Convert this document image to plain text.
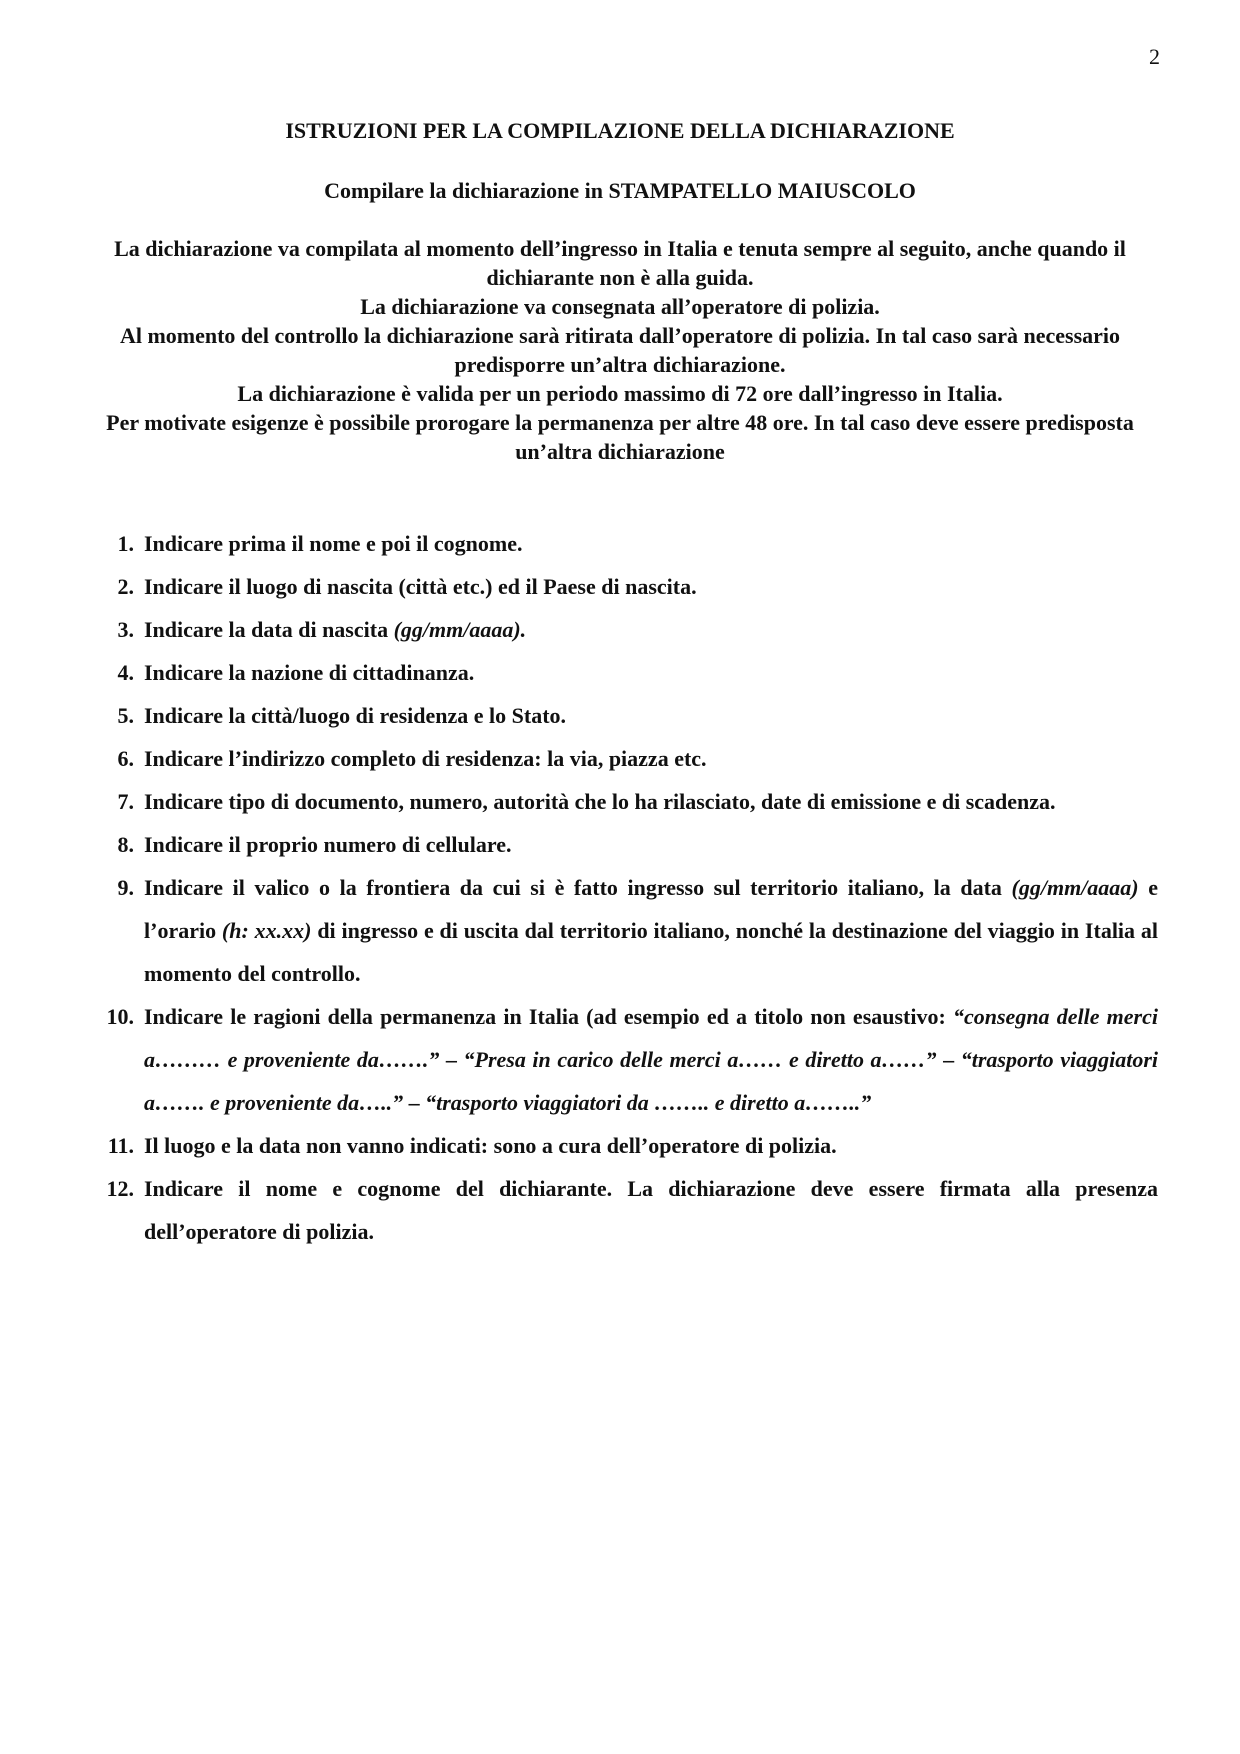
2
ISTRUZIONI PER LA COMPILAZIONE DELLA DICHIARAZIONE
Compilare la dichiarazione in STAMPATELLO MAIUSCOLO

La dichiarazione va compilata al momento dell’ingresso in Italia e tenuta sempre al seguito, anche quando il dichiarante non è alla guida.

La dichiarazione va consegnata all’operatore di polizia.

Al momento del controllo la dichiarazione sarà ritirata dall’operatore di polizia. In tal caso sarà necessario predisporre un’altra dichiarazione.

La dichiarazione è valida per un periodo massimo di 72 ore dall’ingresso in Italia.

Per motivate esigenze è possibile prorogare la permanenza per altre 48 ore. In tal caso deve essere predisposta un’altra dichiarazione

1. Indicare prima il nome e poi il cognome.
2. Indicare il luogo di nascita (città etc.) ed il Paese di nascita.
3. Indicare la data di nascita (gg/mm/aaaa).
4. Indicare la nazione di cittadinanza.
5. Indicare la città/luogo di residenza e lo Stato.
6. Indicare l’indirizzo completo di residenza: la via, piazza etc.
7. Indicare tipo di documento, numero, autorità che lo ha rilasciato, date di emissione e di scadenza.
8. Indicare il proprio numero di cellulare.
9. Indicare il valico o la frontiera da cui si è fatto ingresso sul territorio italiano, la data (gg/mm/aaaa) e l’orario (h: xx.xx) di ingresso e di uscita dal territorio italiano, nonché la destinazione del viaggio in Italia al momento del controllo.
10. Indicare le ragioni della permanenza in Italia (ad esempio ed a titolo non esaustivo: “consegna delle merci a……… e proveniente da…….” – “Presa in carico delle merci a…… e diretto a……” – “trasporto viaggiatori a……. e proveniente da…..” – “trasporto viaggiatori da …….. e diretto a……..”
11. Il luogo e la data non vanno indicati: sono a cura dell’operatore di polizia.
12. Indicare il nome e cognome del dichiarante. La dichiarazione deve essere firmata alla presenza dell’operatore di polizia.
